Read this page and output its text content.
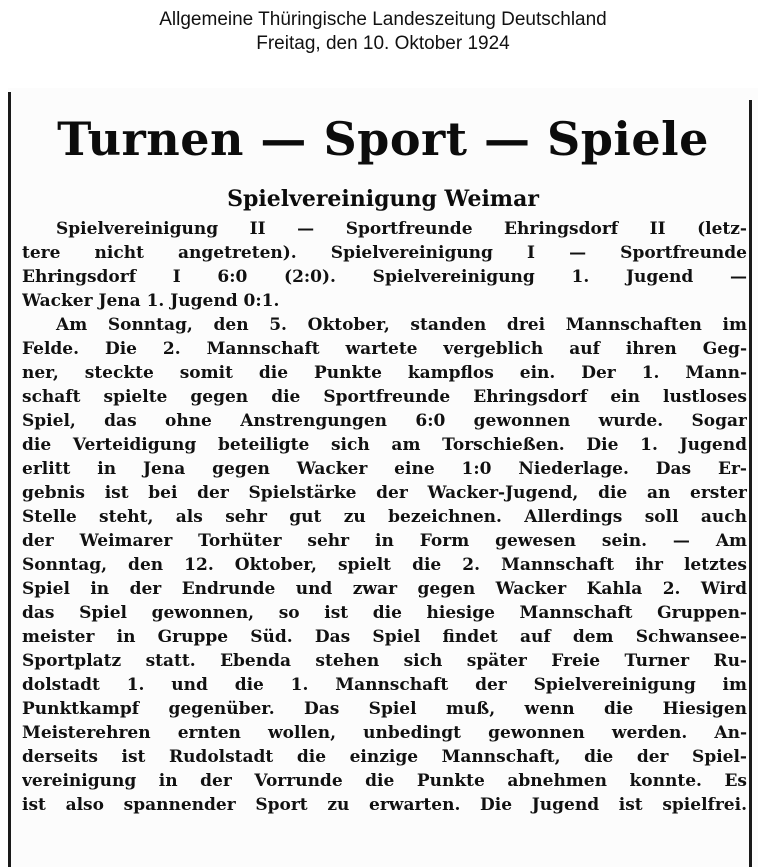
Allgemeine Thüringische Landeszeitung Deutschland
Freitag, den 10. Oktober 1924
Turnen — Sport — Spiele
Spielvereinigung Weimar
Spielvereinigung II — Sportfreunde Ehringsdorf II (letz-
tere nicht angetreten). Spielvereinigung I — Sportfreunde
Ehringsdorf I 6:0 (2:0). Spielvereinigung 1. Jugend —
Wacker Jena 1. Jugend 0:1.
Am Sonntag, den 5. Oktober, standen drei Mannschaften im
Felde. Die 2. Mannschaft wartete vergeblich auf ihren Geg-
ner, steckte somit die Punkte kampflos ein. Der 1. Mann-
schaft spielte gegen die Sportfreunde Ehringsdorf ein lustloses
Spiel, das ohne Anstrengungen 6:0 gewonnen wurde. Sogar
die Verteidigung beteiligte sich am Torschießen. Die 1. Jugend
erlitt in Jena gegen Wacker eine 1:0 Niederlage. Das Er-
gebnis ist bei der Spielstärke der Wacker-Jugend, die an erster
Stelle steht, als sehr gut zu bezeichnen. Allerdings soll auch
der Weimarer Torhüter sehr in Form gewesen sein. — Am
Sonntag, den 12. Oktober, spielt die 2. Mannschaft ihr letztes
Spiel in der Endrunde und zwar gegen Wacker Kahla 2. Wird
das Spiel gewonnen, so ist die hiesige Mannschaft Gruppen-
meister in Gruppe Süd. Das Spiel findet auf dem Schwansee-
Sportplatz statt. Ebenda stehen sich später Freie Turner Ru-
dolstadt 1. und die 1. Mannschaft der Spielvereinigung im
Punktkampf gegenüber. Das Spiel muß, wenn die Hiesigen
Meisterehren ernten wollen, unbedingt gewonnen werden. An-
derseits ist Rudolstadt die einzige Mannschaft, die der Spiel-
vereinigung in der Vorrunde die Punkte abnehmen konnte. Es
ist also spannender Sport zu erwarten. Die Jugend ist spielfrei.
